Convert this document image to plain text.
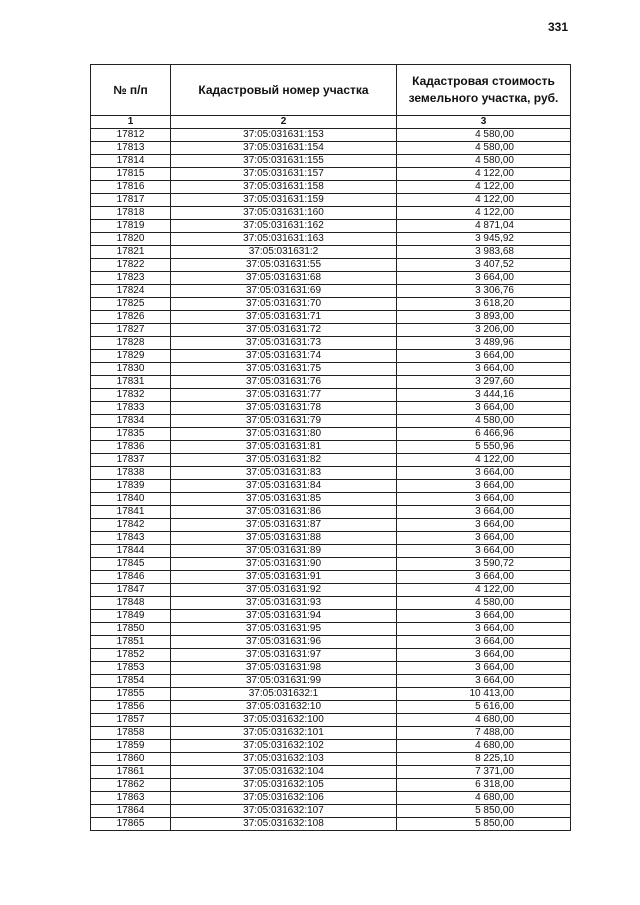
331
№ п/п	Кадастровый номер участка	Кадастровая стоимость земельного участка, руб.
1	2	3
17812	37:05:031631:153	4 580,00
17813	37:05:031631:154	4 580,00
17814	37:05:031631:155	4 580,00
17815	37:05:031631:157	4 122,00
17816	37:05:031631:158	4 122,00
17817	37:05:031631:159	4 122,00
17818	37:05:031631:160	4 122,00
17819	37:05:031631:162	4 871,04
17820	37:05:031631:163	3 945,92
17821	37:05:031631:2	3 983,68
17822	37:05:031631:55	3 407,52
17823	37:05:031631:68	3 664,00
17824	37:05:031631:69	3 306,76
17825	37:05:031631:70	3 618,20
17826	37:05:031631:71	3 893,00
17827	37:05:031631:72	3 206,00
17828	37:05:031631:73	3 489,96
17829	37:05:031631:74	3 664,00
17830	37:05:031631:75	3 664,00
17831	37:05:031631:76	3 297,60
17832	37:05:031631:77	3 444,16
17833	37:05:031631:78	3 664,00
17834	37:05:031631:79	4 580,00
17835	37:05:031631:80	6 466,96
17836	37:05:031631:81	5 550,96
17837	37:05:031631:82	4 122,00
17838	37:05:031631:83	3 664,00
17839	37:05:031631:84	3 664,00
17840	37:05:031631:85	3 664,00
17841	37:05:031631:86	3 664,00
17842	37:05:031631:87	3 664,00
17843	37:05:031631:88	3 664,00
17844	37:05:031631:89	3 664,00
17845	37:05:031631:90	3 590,72
17846	37:05:031631:91	3 664,00
17847	37:05:031631:92	4 122,00
17848	37:05:031631:93	4 580,00
17849	37:05:031631:94	3 664,00
17850	37:05:031631:95	3 664,00
17851	37:05:031631:96	3 664,00
17852	37:05:031631:97	3 664,00
17853	37:05:031631:98	3 664,00
17854	37:05:031631:99	3 664,00
17855	37:05:031632:1	10 413,00
17856	37:05:031632:10	5 616,00
17857	37:05:031632:100	4 680,00
17858	37:05:031632:101	7 488,00
17859	37:05:031632:102	4 680,00
17860	37:05:031632:103	8 225,10
17861	37:05:031632:104	7 371,00
17862	37:05:031632:105	6 318,00
17863	37:05:031632:106	4 680,00
17864	37:05:031632:107	5 850,00
17865	37:05:031632:108	5 850,00
